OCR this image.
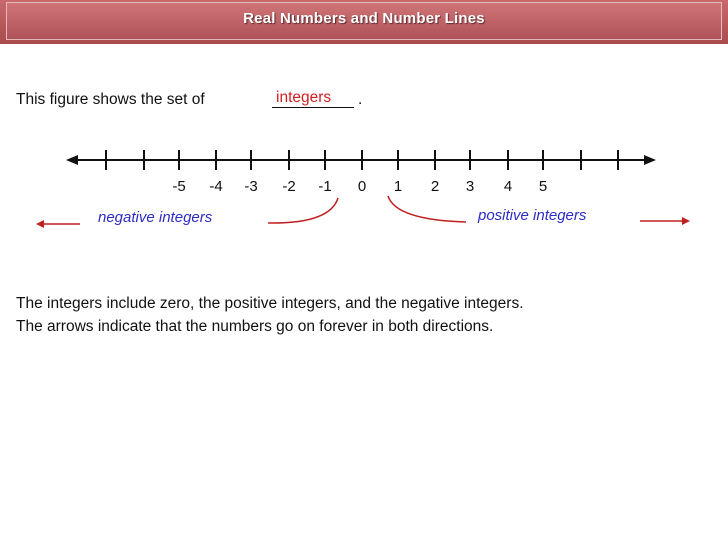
Real Numbers and Number Lines
This figure shows the set of	integers .
-5 -4 -3 -2 -1 0 1 2 3 4 5
negative integers	positive integers
The integers include zero, the positive integers, and the negative integers.
The arrows indicate that the numbers go on forever in both directions.
